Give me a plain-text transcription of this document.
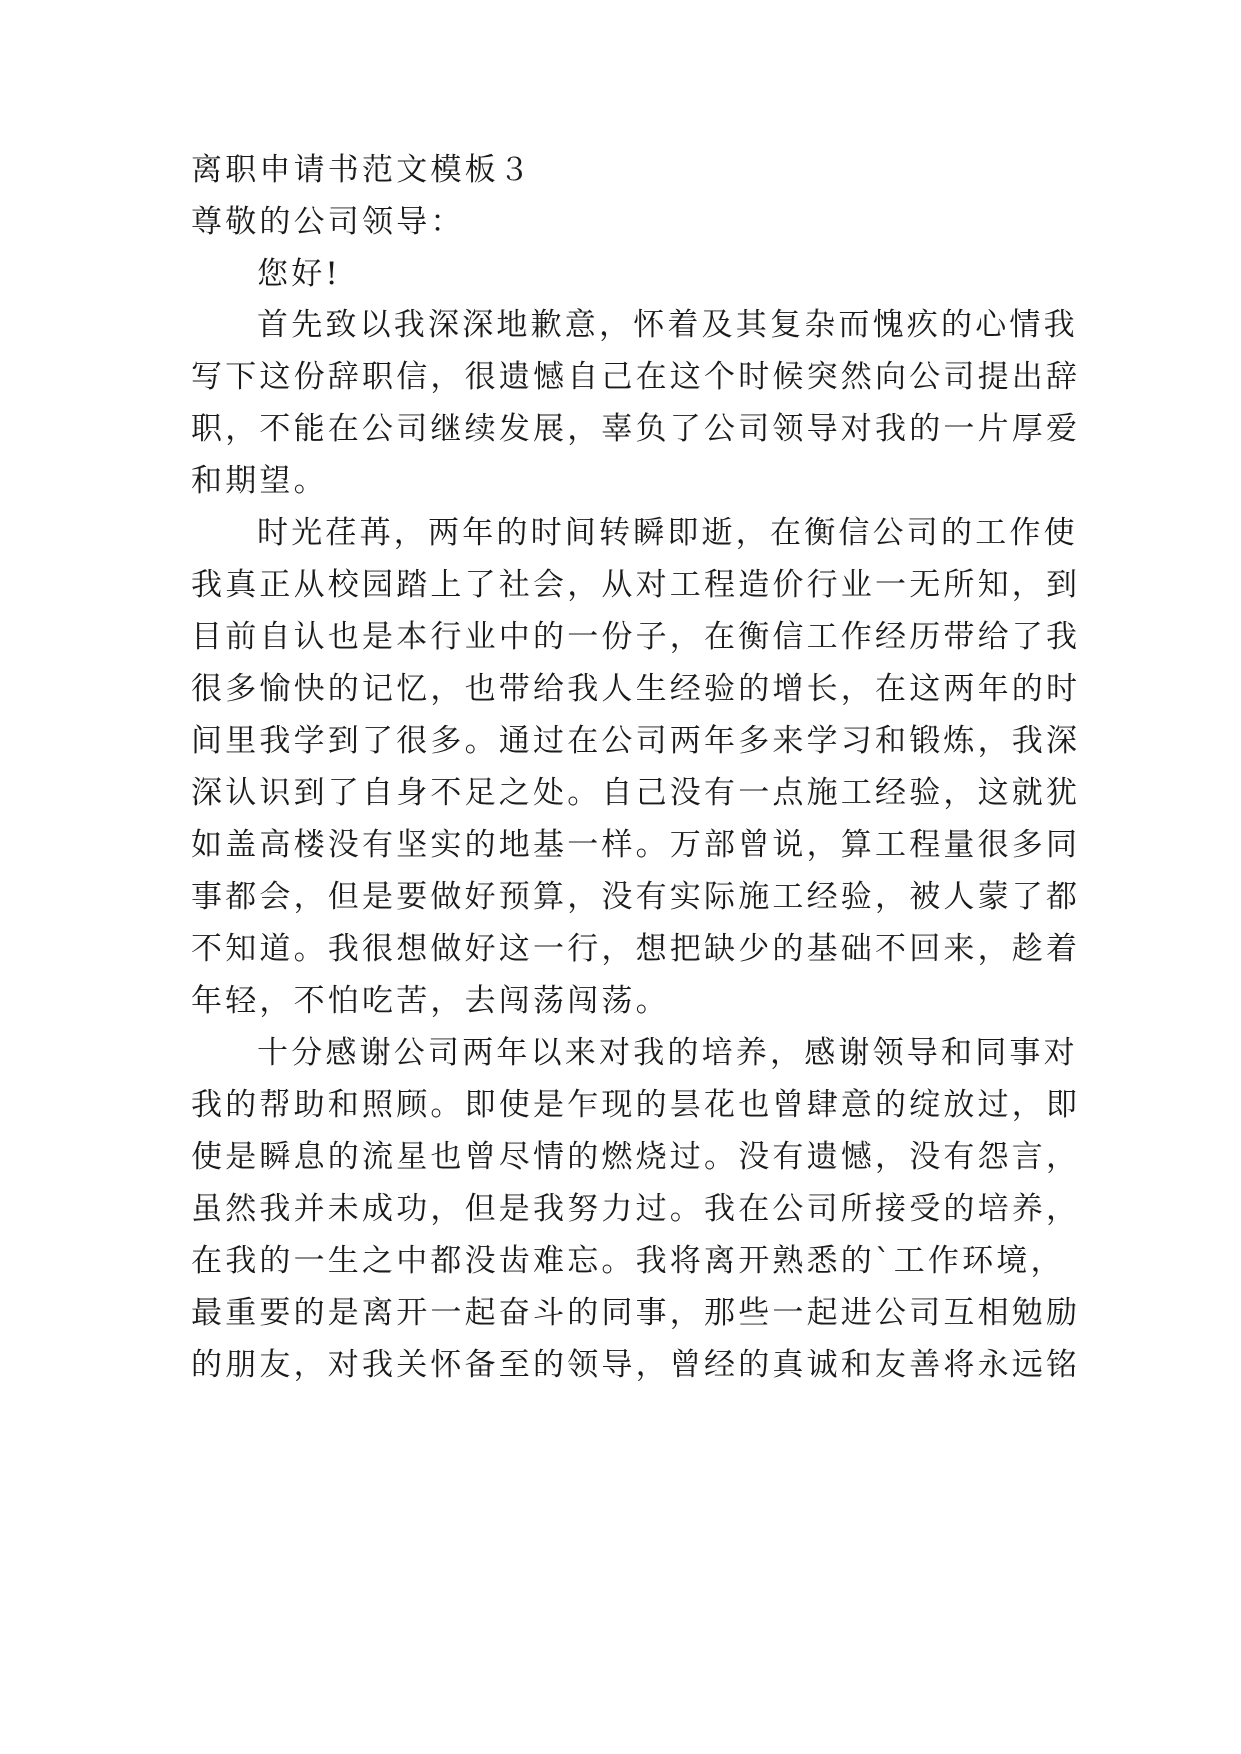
离职申请书范文模板３
尊敬的公司领导：
您好!
首先致以我深深地歉意，怀着及其复杂而愧疚的心情我
写下这份辞职信，很遗憾自己在这个时候突然向公司提出辞
职，不能在公司继续发展，辜负了公司领导对我的一片厚爱
和期望。
时光荏苒，两年的时间转瞬即逝，在衡信公司的工作使
我真正从校园踏上了社会，从对工程造价行业一无所知，到
目前自认也是本行业中的一份子，在衡信工作经历带给了我
很多愉快的记忆，也带给我人生经验的增长，在这两年的时
间里我学到了很多。通过在公司两年多来学习和锻炼，我深
深认识到了自身不足之处。自己没有一点施工经验，这就犹
如盖高楼没有坚实的地基一样。万部曾说，算工程量很多同
事都会，但是要做好预算，没有实际施工经验，被人蒙了都
不知道。我很想做好这一行，想把缺少的基础不回来，趁着
年轻，不怕吃苦，去闯荡闯荡。
十分感谢公司两年以来对我的培养，感谢领导和同事对
我的帮助和照顾。即使是乍现的昙花也曾肆意的绽放过，即
使是瞬息的流星也曾尽情的燃烧过。没有遗憾，没有怨言，
虽然我并未成功，但是我努力过。我在公司所接受的培养，
在我的一生之中都没齿难忘。我将离开熟悉的`工作环境，
最重要的是离开一起奋斗的同事，那些一起进公司互相勉励
的朋友，对我关怀备至的领导，曾经的真诚和友善将永远铭
